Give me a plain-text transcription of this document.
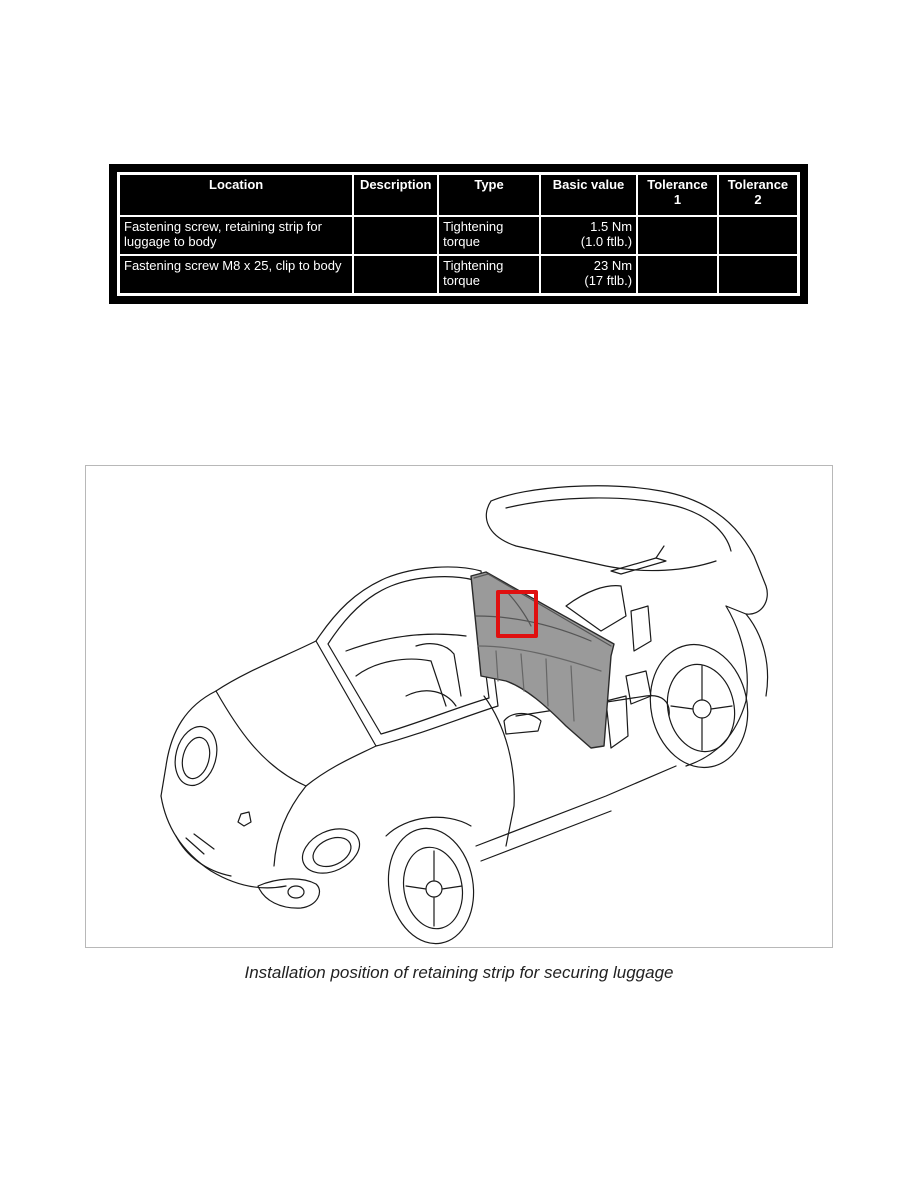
Location	Description	Type	Basic value	Tolerance 1	Tolerance 2
Fastening screw, retaining strip for luggage to body		Tightening torque	1.5 Nm
(1.0 ftlb.)		

Fastening screw M8 x 25, clip to body		Tightening torque	23 Nm
(17 ftlb.)		

Installation position of retaining strip for securing luggage
